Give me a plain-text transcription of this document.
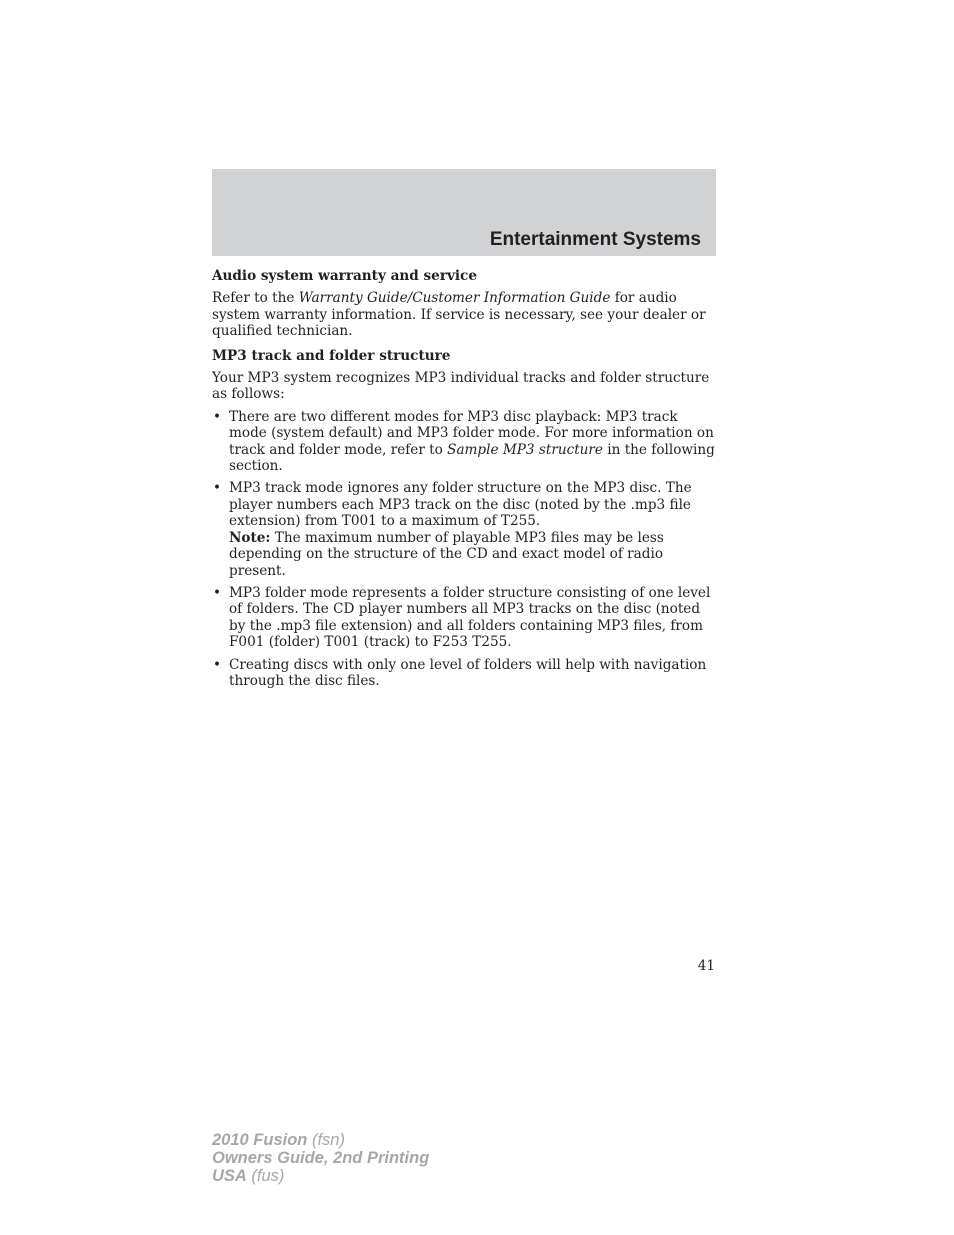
Entertainment Systems
Audio system warranty and service

Refer to the Warranty Guide/Customer Information Guide for audio system warranty information. If service is necessary, see your dealer or qualified technician.

MP3 track and folder structure

Your MP3 system recognizes MP3 individual tracks and folder structure as follows:

• There are two different modes for MP3 disc playback: MP3 track mode (system default) and MP3 folder mode. For more information on track and folder mode, refer to Sample MP3 structure in the following section.
• MP3 track mode ignores any folder structure on the MP3 disc. The player numbers each MP3 track on the disc (noted by the .mp3 file extension) from T001 to a maximum of T255.
Note: The maximum number of playable MP3 files may be less depending on the structure of the CD and exact model of radio present.
• MP3 folder mode represents a folder structure consisting of one level of folders. The CD player numbers all MP3 tracks on the disc (noted by the .mp3 file extension) and all folders containing MP3 files, from F001 (folder) T001 (track) to F253 T255.
• Creating discs with only one level of folders will help with navigation through the disc files.
41
2010 Fusion (fsn)
Owners Guide, 2nd Printing
USA (fus)
